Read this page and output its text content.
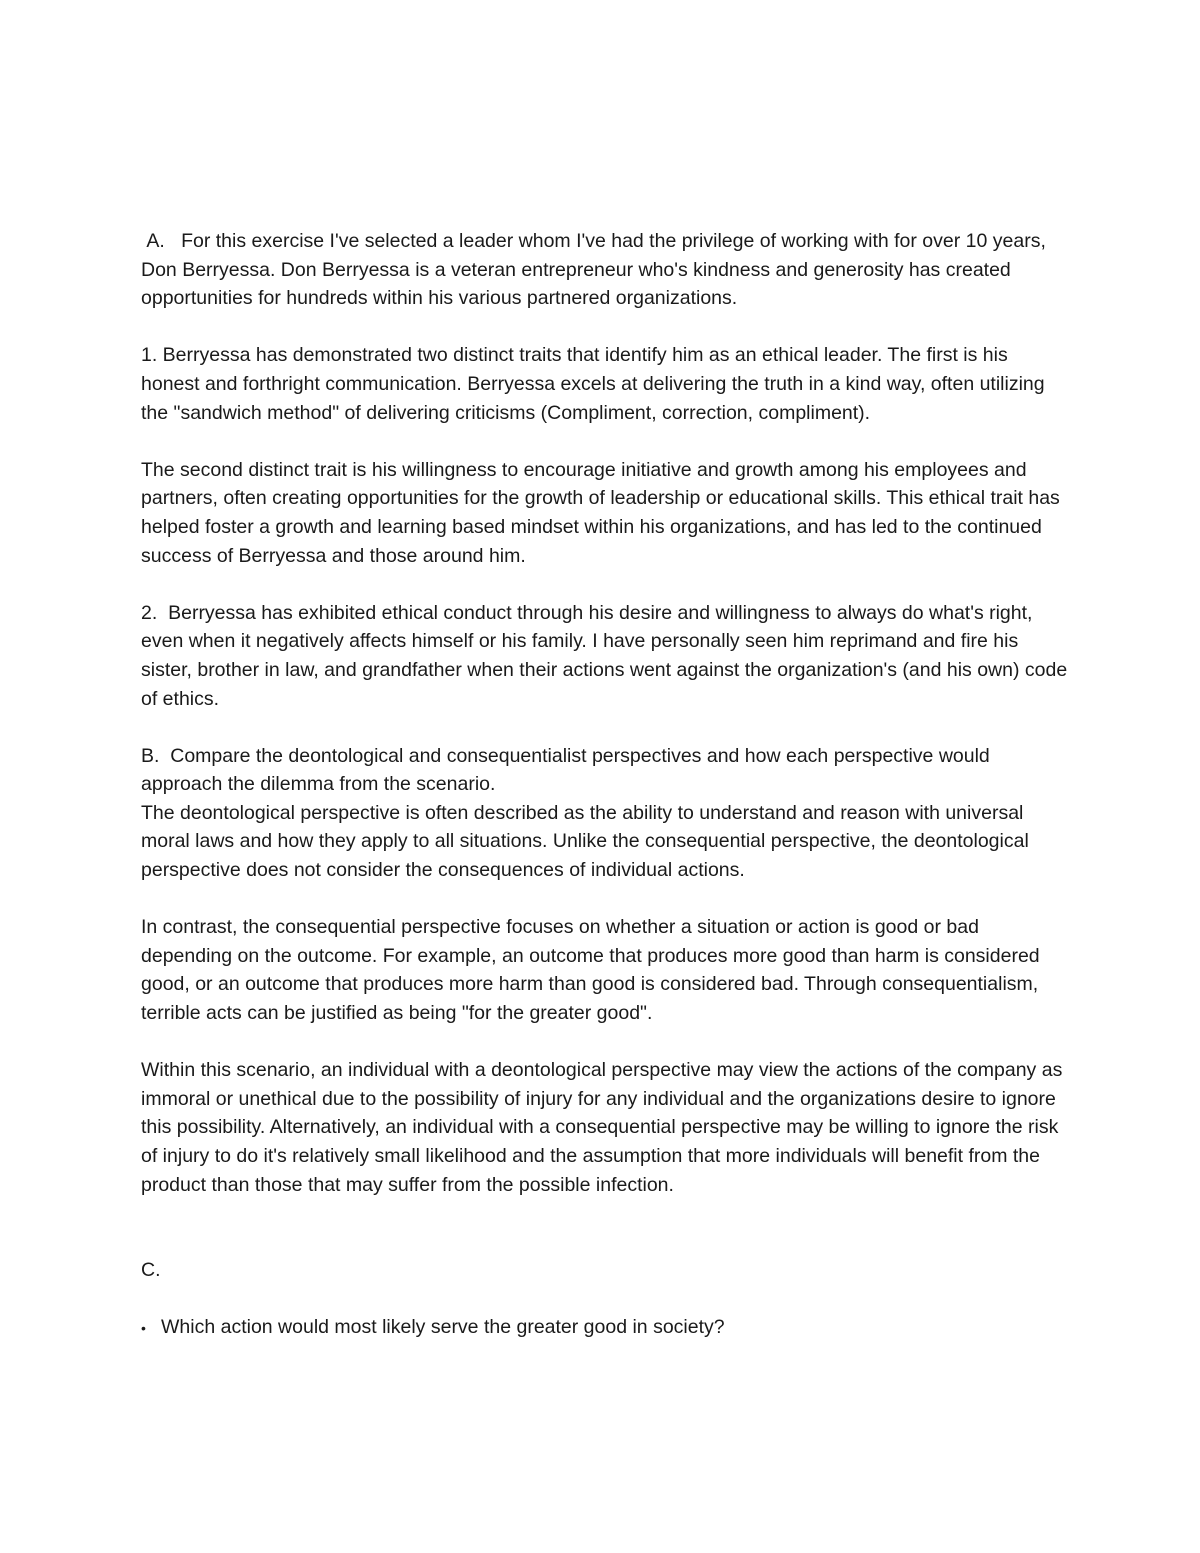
A.   For this exercise I've selected a leader whom I've had the privilege of working with for over 10 years, Don Berryessa. Don Berryessa is a veteran entrepreneur who's kindness and generosity has created opportunities for hundreds within his various partnered organizations.

1. Berryessa has demonstrated two distinct traits that identify him as an ethical leader. The first is his honest and forthright communication. Berryessa excels at delivering the truth in a kind way, often utilizing the "sandwich method" of delivering criticisms (Compliment, correction, compliment).

The second distinct trait is his willingness to encourage initiative and growth among his employees and partners, often creating opportunities for the growth of leadership or educational skills. This ethical trait has helped foster a growth and learning based mindset within his organizations, and has led to the continued success of Berryessa and those around him.

2.  Berryessa has exhibited ethical conduct through his desire and willingness to always do what's right, even when it negatively affects himself or his family. I have personally seen him reprimand and fire his sister, brother in law, and grandfather when their actions went against the organization's (and his own) code of ethics.

B.  Compare the deontological and consequentialist perspectives and how each perspective would approach the dilemma from the scenario.

The deontological perspective is often described as the ability to understand and reason with universal moral laws and how they apply to all situations. Unlike the consequential perspective, the deontological perspective does not consider the consequences of individual actions.

In contrast, the consequential perspective focuses on whether a situation or action is good or bad depending on the outcome. For example, an outcome that produces more good than harm is considered good, or an outcome that produces more harm than good is considered bad. Through consequentialism, terrible acts can be justified as being "for the greater good".

Within this scenario, an individual with a deontological perspective may view the actions of the company as immoral or unethical due to the possibility of injury for any individual and the organizations desire to ignore this possibility. Alternatively, an individual with a consequential perspective may be willing to ignore the risk of injury to do it's relatively small likelihood and the assumption that more individuals will benefit from the product than those that may suffer from the possible infection.

C.

• Which action would most likely serve the greater good in society?
